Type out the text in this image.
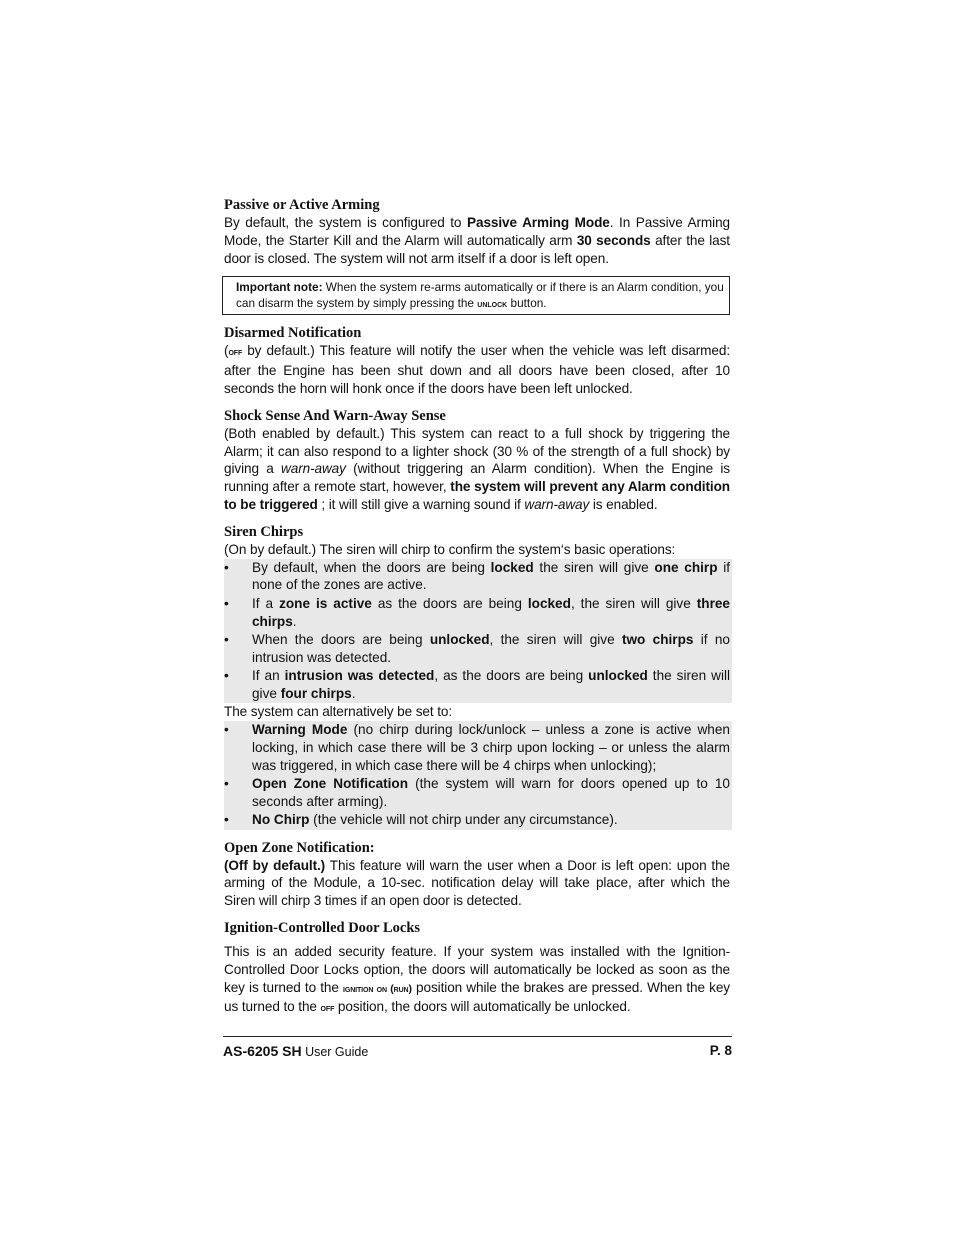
Passive or Active Arming

By default, the system is configured to Passive Arming Mode. In Passive Arming Mode, the Starter Kill and the Alarm will automatically arm 30 seconds after the last door is closed. The system will not arm itself if a door is left open.

Important note: When the system re-arms automatically or if there is an Alarm condition, you can disarm the system by simply pressing the unlock button.
Disarmed Notification

(off by default.) This feature will notify the user when the vehicle was left disarmed: after the Engine has been shut down and all doors have been closed, after 10 seconds the horn will honk once if the doors have been left unlocked.

Shock Sense And Warn-Away Sense

(Both enabled by default.) This system can react to a full shock by triggering the Alarm; it can also respond to a lighter shock (30 % of the strength of a full shock) by giving a warn-away (without triggering an Alarm condition). When the Engine is running after a remote start, however, the system will prevent any Alarm condition to be triggered ; it will still give a warning sound if warn-away is enabled.

Siren Chirps

(On by default.) The siren will chirp to confirm the system‘s basic operations:

• By default, when the doors are being locked the siren will give one chirp if none of the zones are active.
• If a zone is active as the doors are being locked, the siren will give three chirps.
• When the doors are being unlocked, the siren will give two chirps if no intrusion was detected.
• If an intrusion was detected, as the doors are being unlocked the siren will give four chirps.

The system can alternatively be set to:

• Warning Mode (no chirp during lock/unlock – unless a zone is active when locking, in which case there will be 3 chirp upon locking – or unless the alarm was triggered, in which case there will be 4 chirps when unlocking);
• Open Zone Notification (the system will warn for doors opened up to 10 seconds after arming).
• No Chirp (the vehicle will not chirp under any circumstance).
Open Zone Notification:

(Off by default.) This feature will warn the user when a Door is left open: upon the arming of the Module, a 10-sec. notification delay will take place, after which the Siren will chirp 3 times if an open door is detected.

Ignition-Controlled Door Locks

This is an added security feature. If your system was installed with the Ignition-Controlled Door Locks option, the doors will automatically be locked as soon as the key is turned to the ignition on (run) position while the brakes are pressed. When the key us turned to the off position, the doors will automatically be unlocked.

AS-6205 SH User Guide	P. 8
